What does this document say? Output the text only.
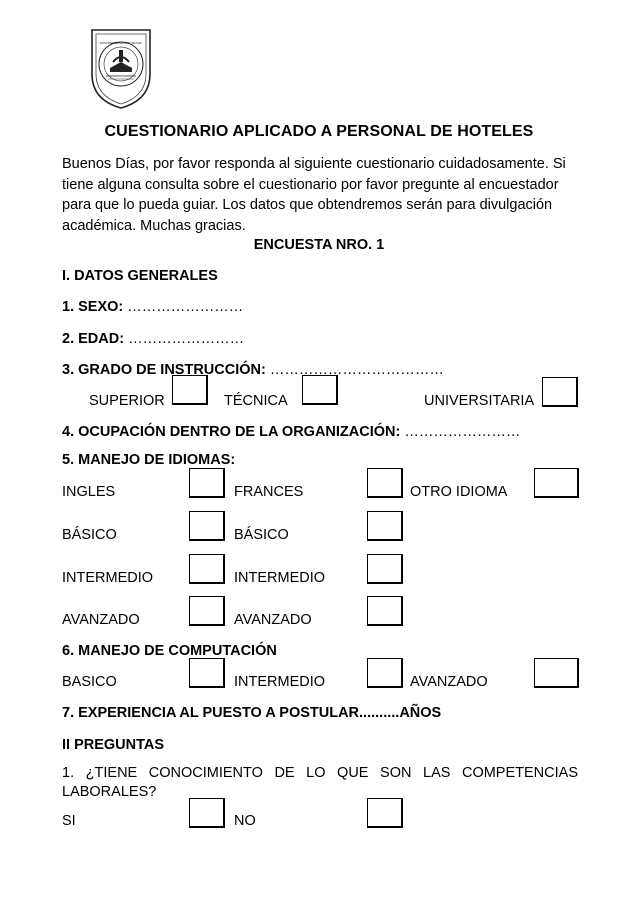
UNIVERSIDAD NACIONAL
CUESTIONARIO APLICADO A PERSONAL DE HOTELES
Buenos Días, por favor responda al siguiente cuestionario cuidadosamente. Si tiene alguna consulta sobre el cuestionario por favor pregunte al encuestador para que lo pueda guiar. Los datos que obtendremos serán para divulgación académica. Muchas gracias.
ENCUESTA NRO. 1
I. DATOS GENERALES
1. SEXO: ……………………
2. EDAD: ……………………
3. GRADO DE INSTRUCCIÓN: ………………………………
SUPERIOR	TÉCNICA	UNIVERSITARIA
4. OCUPACIÓN DENTRO DE LA ORGANIZACIÓN: ……………………
5. MANEJO DE IDIOMAS:
INGLES	FRANCES	OTRO IDIOMA
BÁSICO	BÁSICO
INTERMEDIO	INTERMEDIO
AVANZADO	AVANZADO
6. MANEJO DE COMPUTACIÓN
BASICO	INTERMEDIO	AVANZADO
7. EXPERIENCIA AL PUESTO A POSTULAR..........AÑOS
II PREGUNTAS
1. ¿TIENE CONOCIMIENTO DE LO QUE SON LAS COMPETENCIAS LABORALES?
SI	NO
